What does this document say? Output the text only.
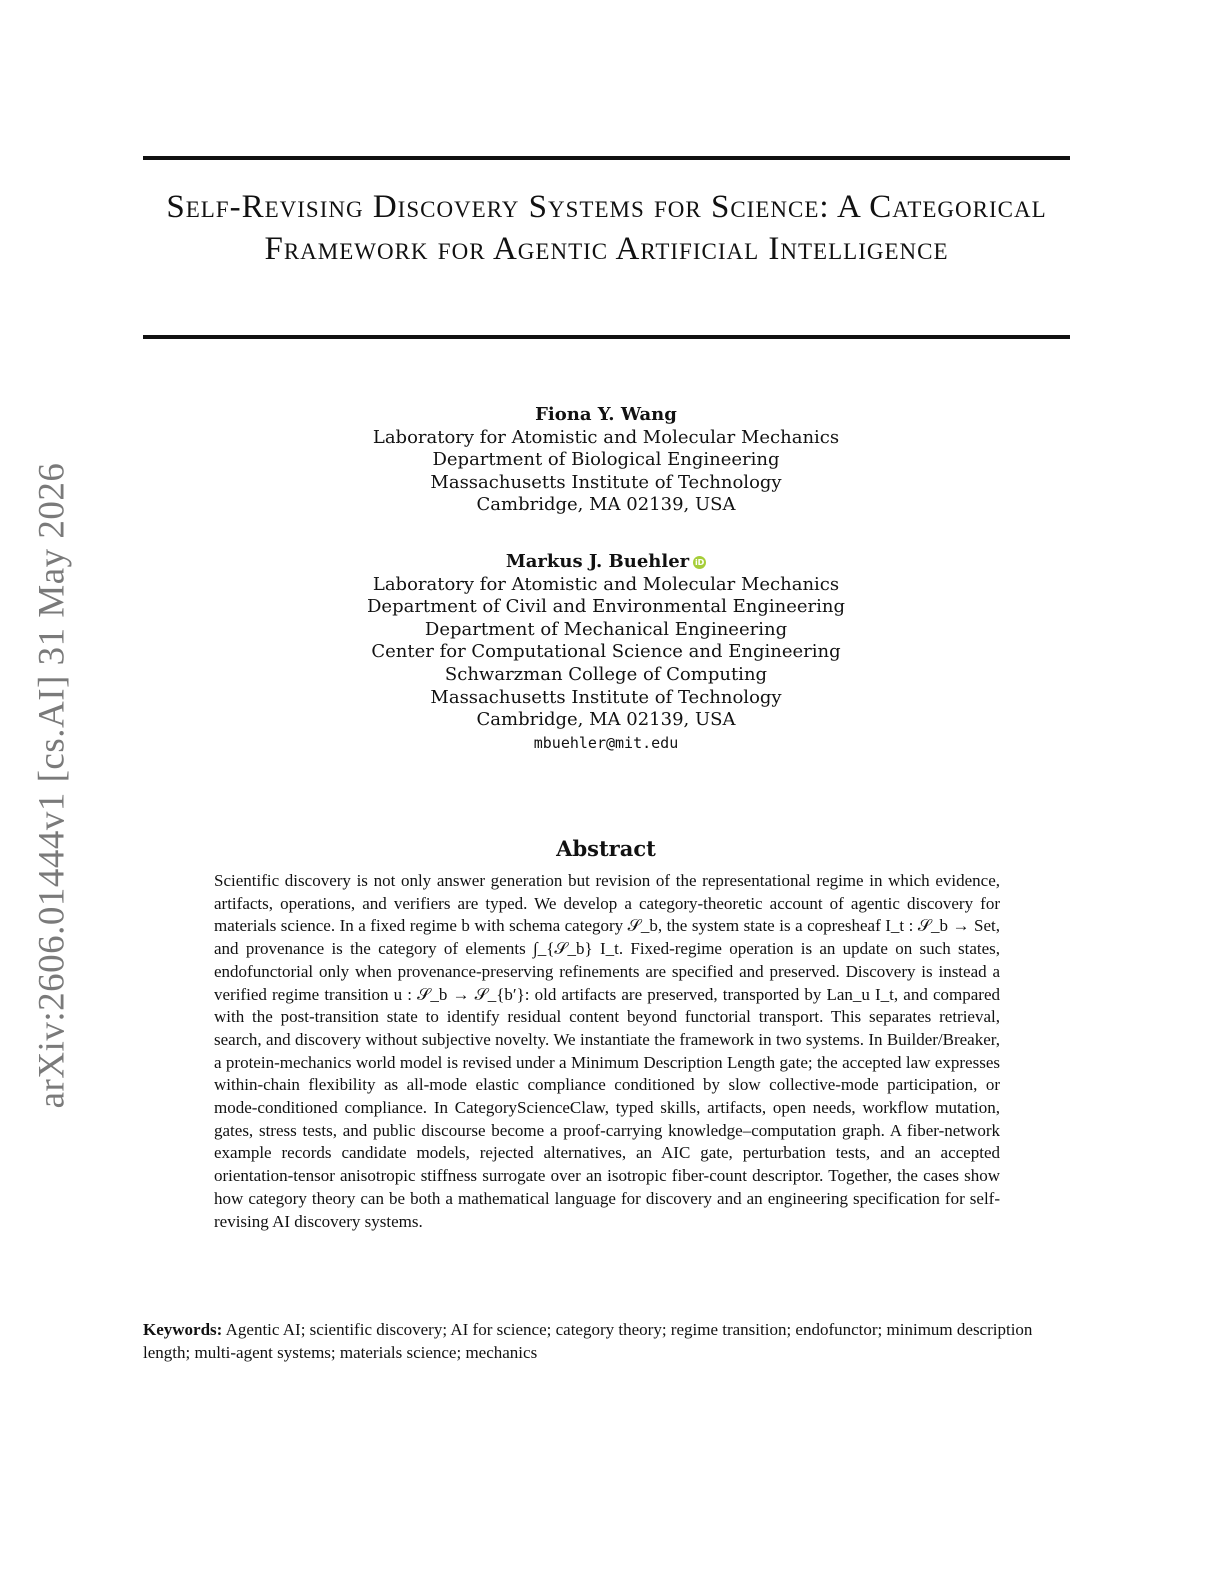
arXiv:2606.01444v1 [cs.AI] 31 May 2026
Self-Revising Discovery Systems for Science: A Categorical Framework for Agentic Artificial Intelligence
Fiona Y. Wang
Laboratory for Atomistic and Molecular Mechanics
Department of Biological Engineering
Massachusetts Institute of Technology
Cambridge, MA 02139, USA
Markus J. Buehler iD
Laboratory for Atomistic and Molecular Mechanics
Department of Civil and Environmental Engineering
Department of Mechanical Engineering
Center for Computational Science and Engineering
Schwarzman College of Computing
Massachusetts Institute of Technology
Cambridge, MA 02139, USA
mbuehler@mit.edu
Abstract

Scientific discovery is not only answer generation but revision of the representational regime in which evidence, artifacts, operations, and verifiers are typed. We develop a category-theoretic account of agentic discovery for materials science. In a fixed regime b with schema category 𝒮_b, the system state is a copresheaf I_t : 𝒮_b → Set, and provenance is the category of elements ∫_{𝒮_b} I_t. Fixed-regime operation is an update on such states, endofunctorial only when provenance-preserving refinements are specified and preserved. Discovery is instead a verified regime transition u : 𝒮_b → 𝒮_{b′}: old artifacts are preserved, transported by Lan_u I_t, and compared with the post-transition state to identify residual content beyond functorial transport. This separates retrieval, search, and discovery without subjective novelty. We instantiate the framework in two systems. In Builder/Breaker, a protein-mechanics world model is revised under a Minimum Description Length gate; the accepted law expresses within-chain flexibility as all-mode elastic compliance conditioned by slow collective-mode participation, or mode-conditioned compliance. In CategoryScienceClaw, typed skills, artifacts, open needs, workflow mutation, gates, stress tests, and public discourse become a proof-carrying knowledge–computation graph. A fiber-network example records candidate models, rejected alternatives, an AIC gate, perturbation tests, and an accepted orientation-tensor anisotropic stiffness surrogate over an isotropic fiber-count descriptor. Together, the cases show how category theory can be both a mathematical language for discovery and an engineering specification for self-revising AI discovery systems.

Keywords: Agentic AI; scientific discovery; AI for science; category theory; regime transition; endofunctor; minimum description length; multi-agent systems; materials science; mechanics
